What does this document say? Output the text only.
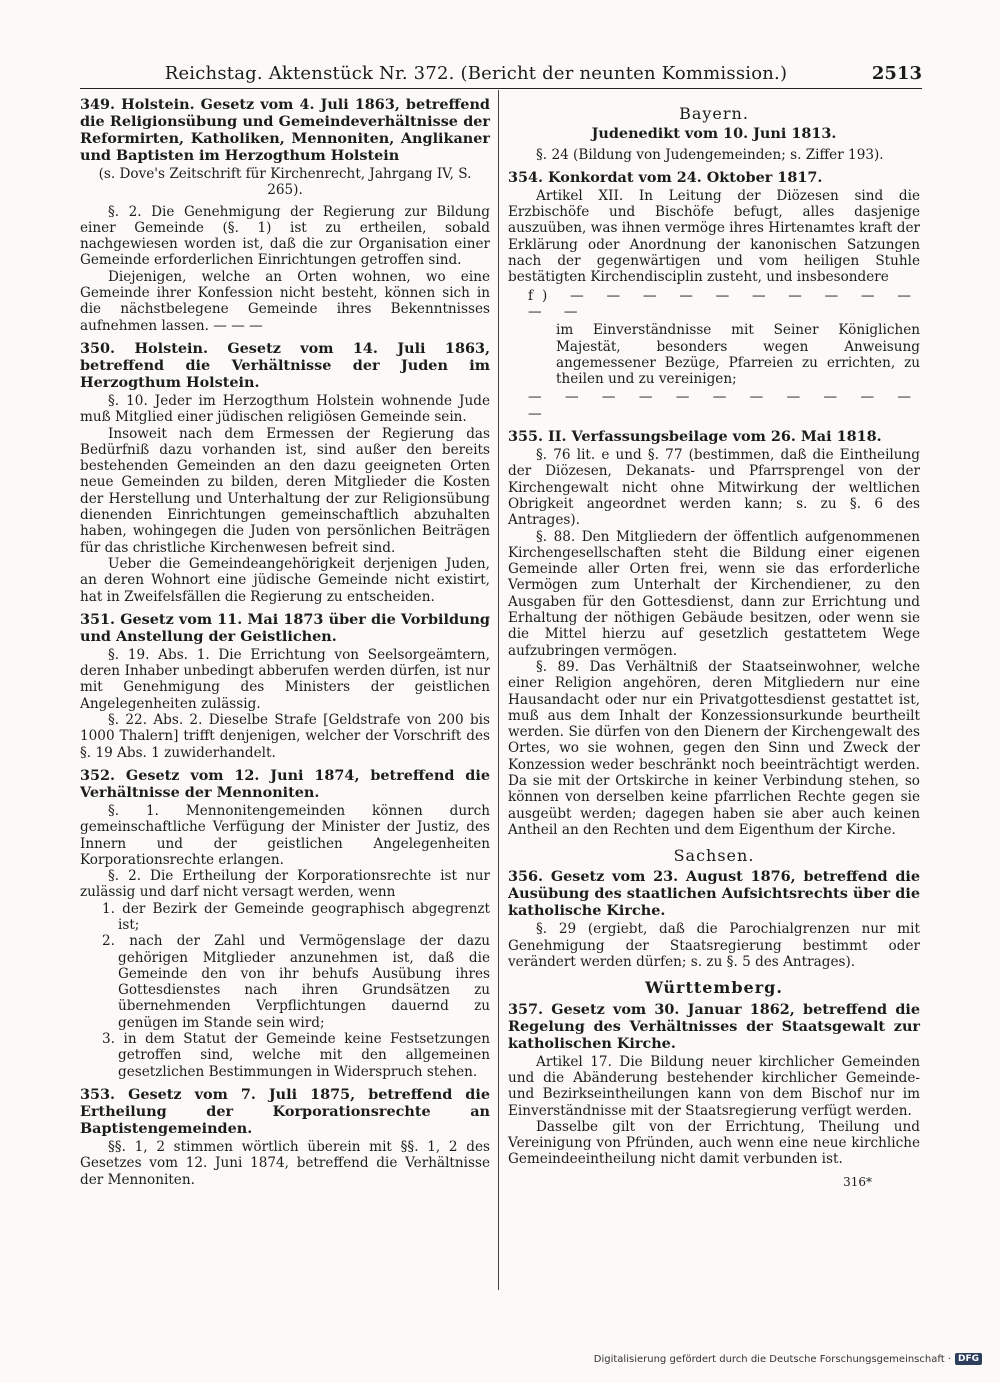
Reichstag. Aktenstück Nr. 372. (Bericht der neunten Kommission.)	2513

349. Holstein. Gesetz vom 4. Juli 1863, betreffend die Religionsübung und Gemeindeverhältnisse der Reformirten, Katholiken, Mennoniten, Anglikaner und Baptisten im Herzogthum Holstein

(s. Dove's Zeitschrift für Kirchenrecht, Jahrgang IV, S. 265).

§. 2. Die Genehmigung der Regierung zur Bildung einer Gemeinde (§. 1) ist zu ertheilen, sobald nachgewiesen worden ist, daß die zur Organisation einer Gemeinde erforderlichen Einrichtungen getroffen sind.

Diejenigen, welche an Orten wohnen, wo eine Gemeinde ihrer Konfession nicht besteht, können sich in die nächstbelegene Gemeinde ihres Bekenntnisses aufnehmen lassen. — — —

350. Holstein. Gesetz vom 14. Juli 1863, betreffend die Verhältnisse der Juden im Herzogthum Holstein.

§. 10. Jeder im Herzogthum Holstein wohnende Jude muß Mitglied einer jüdischen religiösen Gemeinde sein.

Insoweit nach dem Ermessen der Regierung das Bedürfniß dazu vorhanden ist, sind außer den bereits bestehenden Gemeinden an den dazu geeigneten Orten neue Gemeinden zu bilden, deren Mitglieder die Kosten der Herstellung und Unterhaltung der zur Religionsübung dienenden Einrichtungen gemeinschaftlich abzuhalten haben, wohingegen die Juden von persönlichen Beiträgen für das christliche Kirchenwesen befreit sind.

Ueber die Gemeindeangehörigkeit derjenigen Juden, an deren Wohnort eine jüdische Gemeinde nicht existirt, hat in Zweifelsfällen die Regierung zu entscheiden.

351. Gesetz vom 11. Mai 1873 über die Vorbildung und Anstellung der Geistlichen.

§. 19. Abs. 1. Die Errichtung von Seelsorgeämtern, deren Inhaber unbedingt abberufen werden dürfen, ist nur mit Genehmigung des Ministers der geistlichen Angelegenheiten zulässig.

§. 22. Abs. 2. Dieselbe Strafe [Geldstrafe von 200 bis 1000 Thalern] trifft denjenigen, welcher der Vorschrift des §. 19 Abs. 1 zuwiderhandelt.

352. Gesetz vom 12. Juni 1874, betreffend die Verhältnisse der Mennoniten.

§. 1. Mennonitengemeinden können durch gemeinschaftliche Verfügung der Minister der Justiz, des Innern und der geistlichen Angelegenheiten Korporationsrechte erlangen.

§. 2. Die Ertheilung der Korporationsrechte ist nur zulässig und darf nicht versagt werden, wenn

1. der Bezirk der Gemeinde geographisch abgegrenzt ist;

2. nach der Zahl und Vermögenslage der dazu gehörigen Mitglieder anzunehmen ist, daß die Gemeinde den von ihr behufs Ausübung ihres Gottesdienstes nach ihren Grundsätzen zu übernehmenden Verpflichtungen dauernd zu genügen im Stande sein wird;

3. in dem Statut der Gemeinde keine Festsetzungen getroffen sind, welche mit den allgemeinen gesetzlichen Bestimmungen in Widerspruch stehen.

353. Gesetz vom 7. Juli 1875, betreffend die Ertheilung der Korporationsrechte an Baptistengemeinden.

§§. 1, 2 stimmen wörtlich überein mit §§. 1, 2 des Gesetzes vom 12. Juni 1874, betreffend die Verhältnisse der Mennoniten.

Bayern.

Judenedikt vom 10. Juni 1813.

§. 24 (Bildung von Judengemeinden; s. Ziffer 193).

354. Konkordat vom 24. Oktober 1817.

Artikel XII. In Leitung der Diözesen sind die Erzbischöfe und Bischöfe befugt, alles dasjenige auszuüben, was ihnen vermöge ihres Hirtenamtes kraft der Erklärung oder Anordnung der kanonischen Satzungen nach der gegenwärtigen und vom heiligen Stuhle bestätigten Kirchendisciplin zusteht, und insbesondere

f) — — — — — — — — — — — —

im Einverständnisse mit Seiner Königlichen Majestät, besonders wegen Anweisung angemessener Bezüge, Pfarreien zu errichten, zu theilen und zu vereinigen;

— — — — — — — — — — — —

355. II. Verfassungsbeilage vom 26. Mai 1818.

§. 76 lit. e und §. 77 (bestimmen, daß die Eintheilung der Diözesen, Dekanats- und Pfarrsprengel von der Kirchengewalt nicht ohne Mitwirkung der weltlichen Obrigkeit angeordnet werden kann; s. zu §. 6 des Antrages).

§. 88. Den Mitgliedern der öffentlich aufgenommenen Kirchengesellschaften steht die Bildung einer eigenen Gemeinde aller Orten frei, wenn sie das erforderliche Vermögen zum Unterhalt der Kirchendiener, zu den Ausgaben für den Gottesdienst, dann zur Errichtung und Erhaltung der nöthigen Gebäude besitzen, oder wenn sie die Mittel hierzu auf gesetzlich gestattetem Wege aufzubringen vermögen.

§. 89. Das Verhältniß der Staatseinwohner, welche einer Religion angehören, deren Mitgliedern nur eine Hausandacht oder nur ein Privatgottesdienst gestattet ist, muß aus dem Inhalt der Konzessionsurkunde beurtheilt werden. Sie dürfen von den Dienern der Kirchengewalt des Ortes, wo sie wohnen, gegen den Sinn und Zweck der Konzession weder beschränkt noch beeinträchtigt werden. Da sie mit der Ortskirche in keiner Verbindung stehen, so können von derselben keine pfarrlichen Rechte gegen sie ausgeübt werden; dagegen haben sie aber auch keinen Antheil an den Rechten und dem Eigenthum der Kirche.

Sachsen.

356. Gesetz vom 23. August 1876, betreffend die Ausübung des staatlichen Aufsichtsrechts über die katholische Kirche.

§. 29 (ergiebt, daß die Parochialgrenzen nur mit Genehmigung der Staatsregierung bestimmt oder verändert werden dürfen; s. zu §. 5 des Antrages).

Württemberg.

357. Gesetz vom 30. Januar 1862, betreffend die Regelung des Verhältnisses der Staatsgewalt zur katholischen Kirche.

Artikel 17. Die Bildung neuer kirchlicher Gemeinden und die Abänderung bestehender kirchlicher Gemeinde- und Bezirkseintheilungen kann von dem Bischof nur im Einverständnisse mit der Staatsregierung verfügt werden.

Dasselbe gilt von der Errichtung, Theilung und Vereinigung von Pfründen, auch wenn eine neue kirchliche Gemeindeeintheilung nicht damit verbunden ist.

316*

Digitalisierung gefördert durch die Deutsche Forschungsgemeinschaft · DFG
